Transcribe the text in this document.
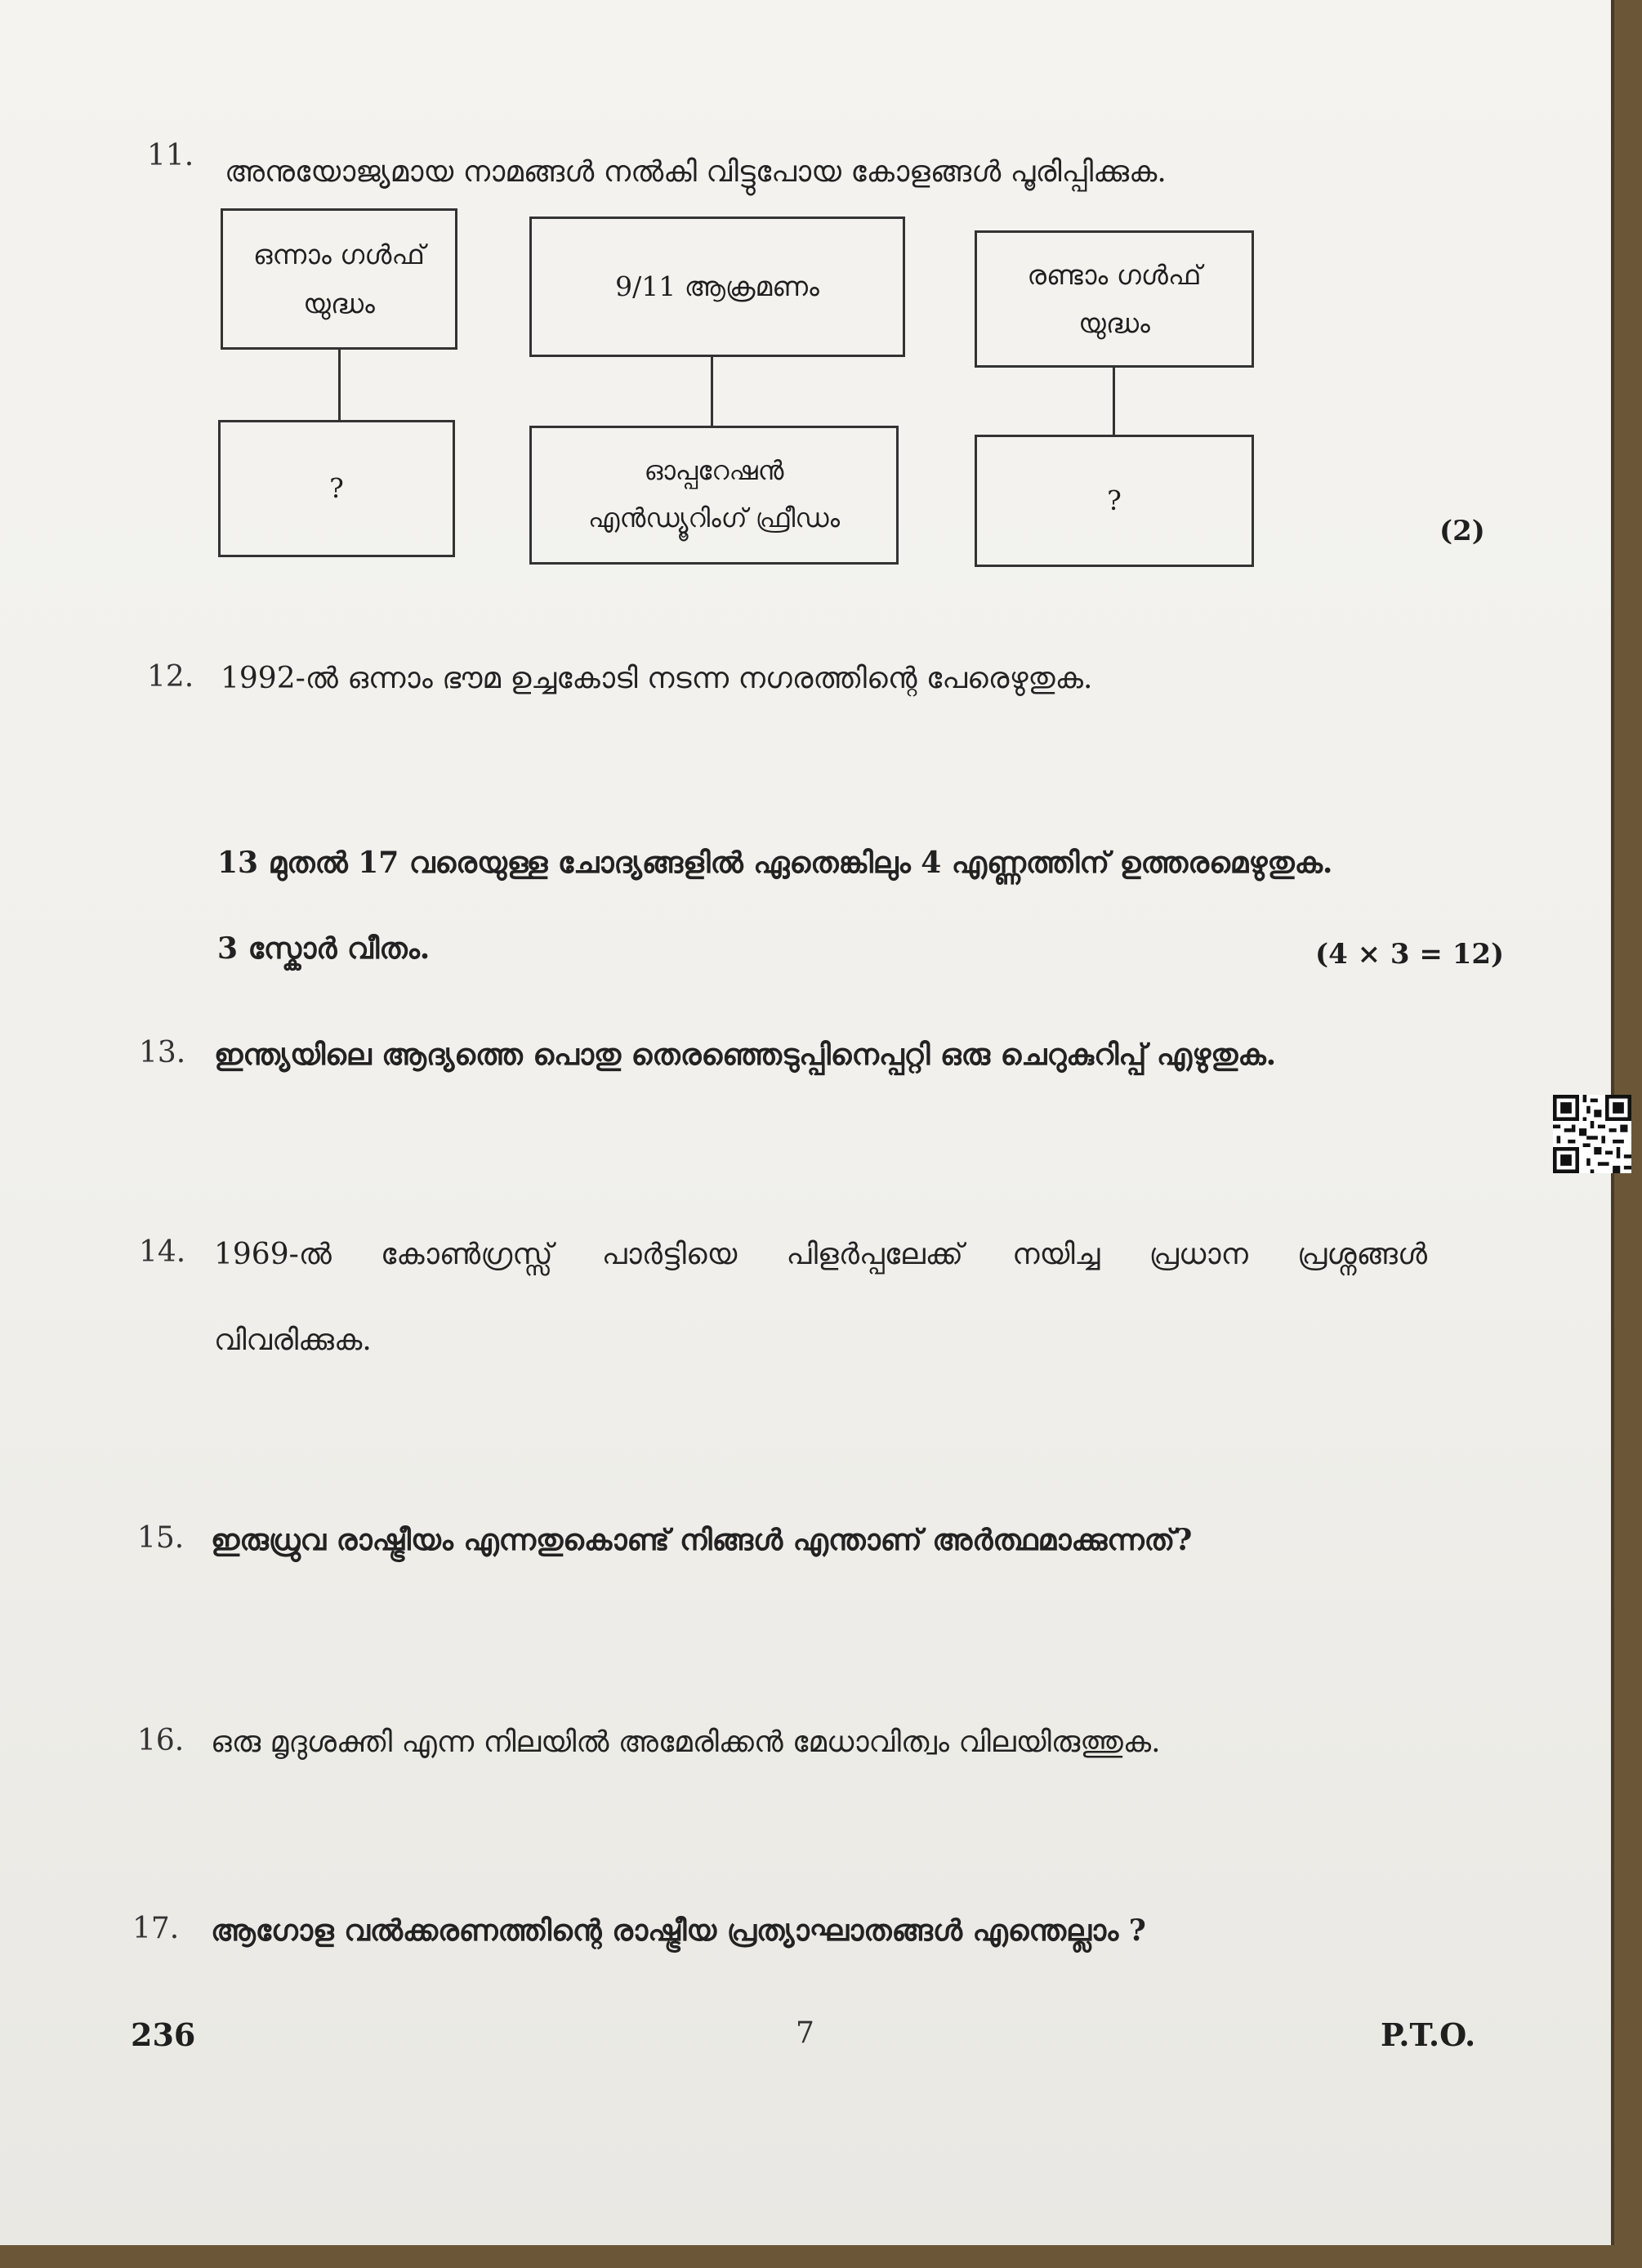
11. അനുയോജ്യമായ നാമങ്ങൾ നൽകി വിട്ടുപോയ കോളങ്ങൾ പൂരിപ്പിക്കുക.
ഒന്നാം ഗൾഫ്
യുദ്ധം
9/11 ആക്രമണം	രണ്ടാം ഗൾഫ്
യുദ്ധം
?
ഓപ്പറേഷൻ
എൻഡ്യൂറിംഗ് ഫ്രീഡം
?
(2)
12. 1992-ൽ ഒന്നാം ഭൗമ ഉച്ചകോടി നടന്ന നഗരത്തിന്റെ പേരെഴുതുക.
13 മുതൽ 17 വരെയുള്ള ചോദ്യങ്ങളിൽ ഏതെങ്കിലും 4 എണ്ണത്തിന് ഉത്തരമെഴുതുക.
3 സ്കോർ വീതം.	(4 × 3 = 12)
13. ഇന്ത്യയിലെ ആദ്യത്തെ പൊതു തെരഞ്ഞെടുപ്പിനെപ്പറ്റി ഒരു ചെറുകുറിപ്പ് എഴുതുക.
14. 1969-ൽ കോൺഗ്രസ്സ് പാർട്ടിയെ പിളർപ്പലേക്ക് നയിച്ച പ്രധാന പ്രശ്നങ്ങൾ
വിവരിക്കുക.
15. ഇരുധ്രുവ രാഷ്ട്രീയം എന്നതുകൊണ്ട് നിങ്ങൾ എന്താണ് അർത്ഥമാക്കുന്നത്?
16. ഒരു മൃദുശക്തി എന്ന നിലയിൽ അമേരിക്കൻ മേധാവിത്വം വിലയിരുത്തുക.
17. ആഗോള വൽക്കരണത്തിന്റെ രാഷ്ട്രീയ പ്രത്യാഘാതങ്ങൾ എന്തെല്ലാം ?
236	7	P.T.O.
